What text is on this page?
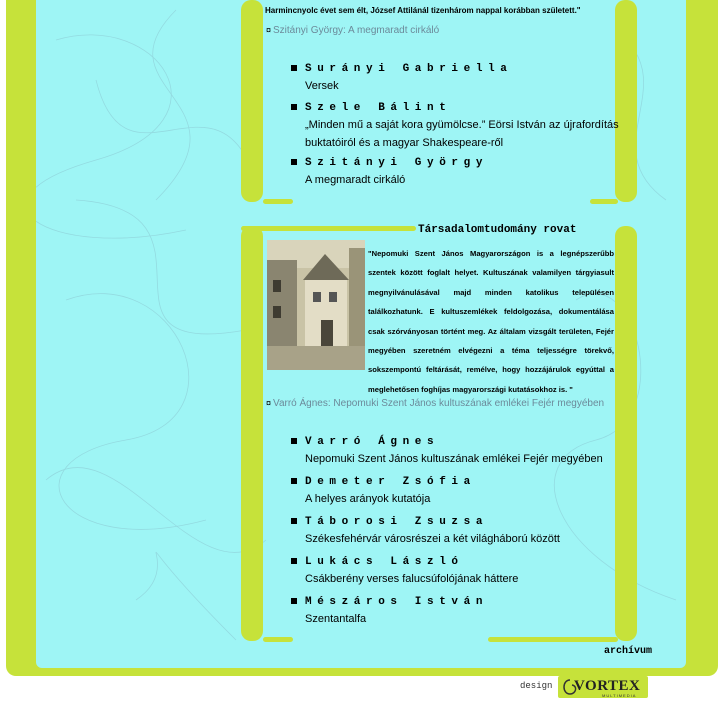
Harmincnyolc évet sem élt, József Attilánál tizenhárom nappal korábban született."
¤ Szitányi György: A megmaradt cirkáló
Surányi Gabriella
Versek
Szele Bálint
„Minden mű a saját kora gyümölcse.” Eörsi István az újrafordítás buktatóiról és a magyar Shakespeare-ről
Szitányi György
A megmaradt cirkáló
Társadalomtudomány rovat
"Nepomuki Szent János Magyarországon is a legnépszerűbb szentek között foglalt helyet. Kultuszának valamilyen tárgyiasult megnyilvánulásával majd minden katolikus településen találkozhatunk. E kultuszemlékek feldolgozása, dokumentálása csak szórványosan történt meg. Az általam vizsgált területen, Fejér megyében szeretném elvégezni a téma teljességre törekvő, sokszempontú feltárását, remélve, hogy hozzájárulok egyúttal a meglehetősen foghíjas magyarországi kutatásokhoz is. "
¤ Varró Ágnes: Nepomuki Szent János kultuszának emlékei Fejér megyében
Varró Ágnes
Nepomuki Szent János kultuszának emlékei Fejér megyében
Demeter Zsófia
A helyes arányok kutatója
Táborosi Zsuzsa
Székesfehérvár városrészei a két világháború között
Lukács László
Csákberény verses falucsúfolójának háttere
Mészáros István
Szentantalfa
archívum
design	VORTEX
MULTIMEDIA
